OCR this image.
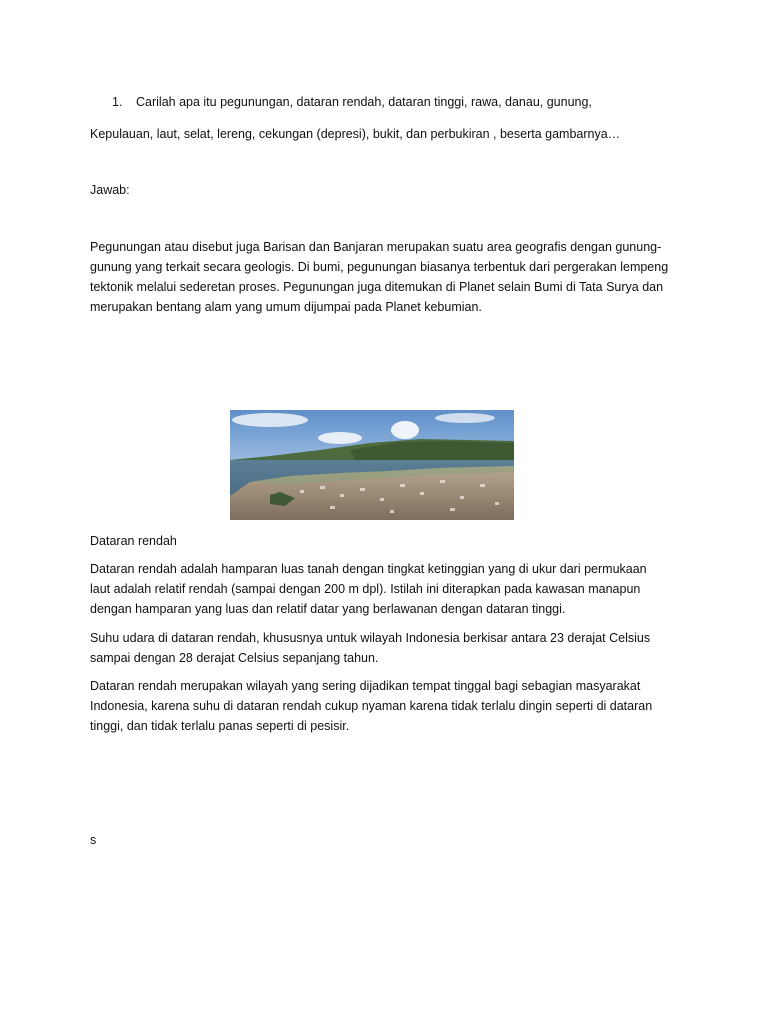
1. Carilah apa itu pegunungan, dataran rendah, dataran tinggi, rawa, danau, gunung,
Kepulauan, laut, selat, lereng, cekungan (depresi), bukit, dan perbukiran , beserta gambarnya…
Jawab:
Pegunungan atau disebut juga Barisan dan Banjaran merupakan suatu area geografis dengan gunung-
gunung yang terkait secara geologis. Di bumi, pegunungan biasanya terbentuk dari pergerakan lempeng
tektonik melalui sederetan proses. Pegunungan juga ditemukan di Planet selain Bumi di Tata Surya dan
merupakan bentang alam yang umum dijumpai pada Planet kebumian.
Dataran rendah
Dataran rendah adalah hamparan luas tanah dengan tingkat ketinggian yang di ukur dari permukaan
laut adalah relatif rendah (sampai dengan 200 m dpl). Istilah ini diterapkan pada kawasan manapun
dengan hamparan yang luas dan relatif datar yang berlawanan dengan dataran tinggi.
Suhu udara di dataran rendah, khususnya untuk wilayah Indonesia berkisar antara 23 derajat Celsius
sampai dengan 28 derajat Celsius sepanjang tahun.
Dataran rendah merupakan wilayah yang sering dijadikan tempat tinggal bagi sebagian masyarakat
Indonesia, karena suhu di dataran rendah cukup nyaman karena tidak terlalu dingin seperti di dataran
tinggi, dan tidak terlalu panas seperti di pesisir.
s
